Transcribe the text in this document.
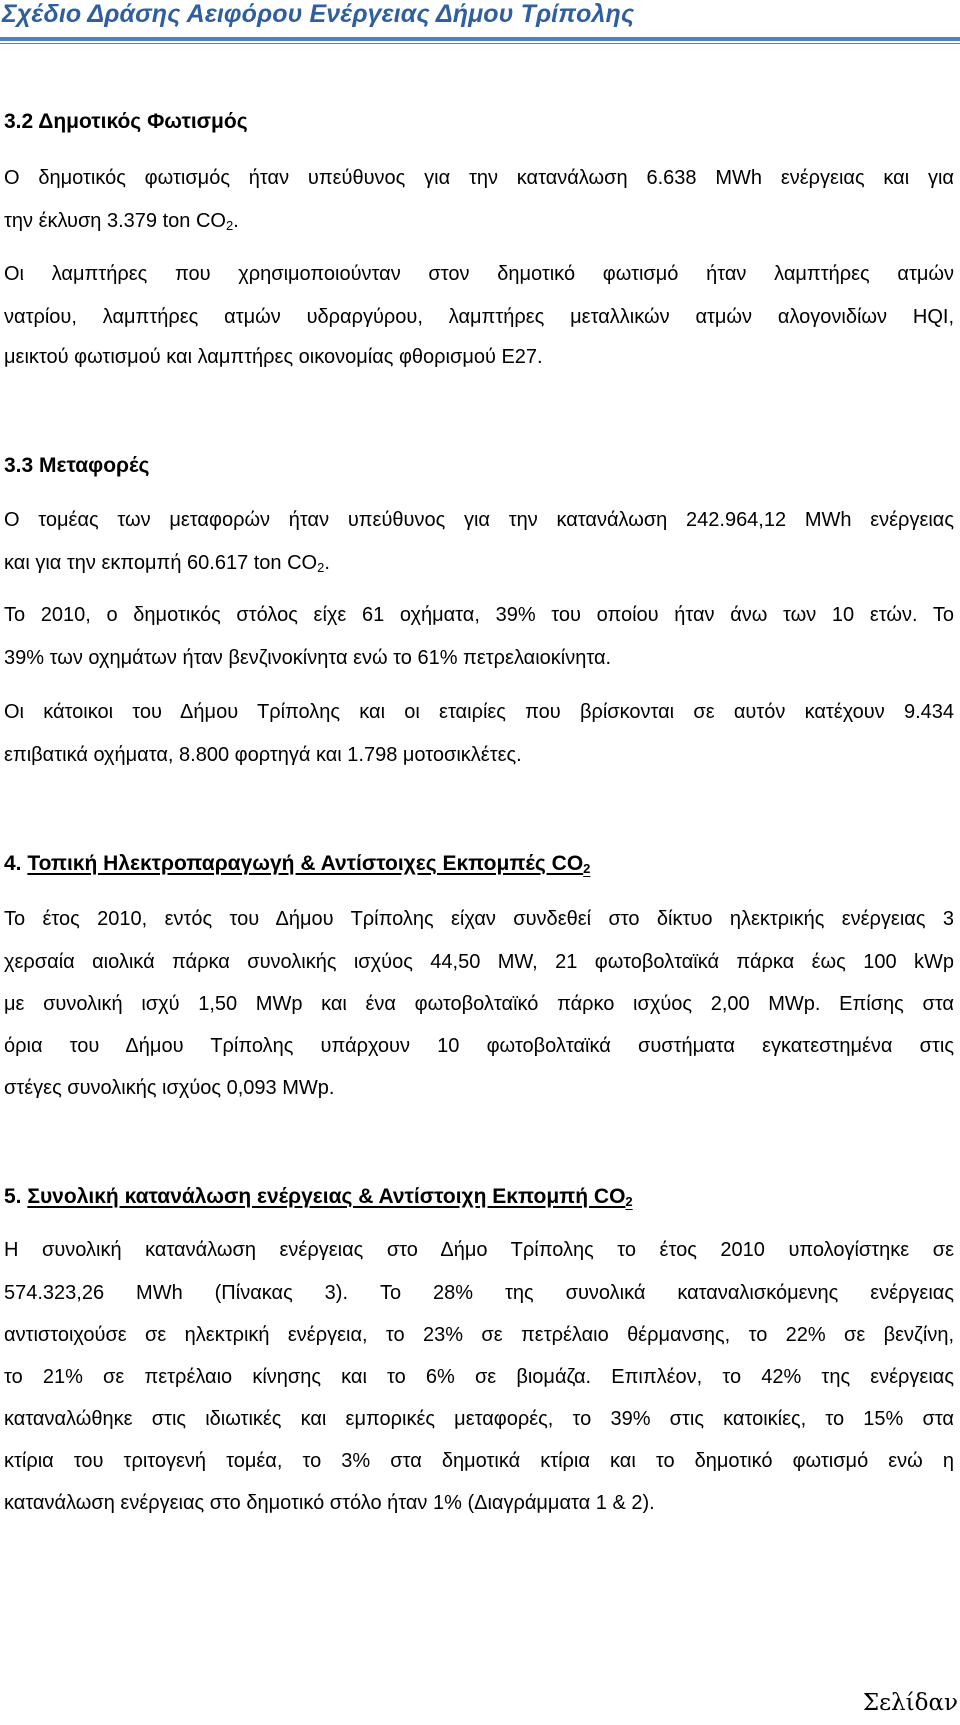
Σχέδιο Δράσης Αειφόρου Ενέργειας Δήμου Τρίπολης
3.2 Δημοτικός Φωτισμός
Ο δημοτικός φωτισμός ήταν υπεύθυνος για την κατανάλωση 6.638 MWh ενέργειας και για
την έκλυση 3.379 ton $CO_2$.
Οι λαμπτήρες που χρησιμοποιούνταν στον δημοτικό φωτισμό ήταν λαμπτήρες ατμών
νατρίου, λαμπτήρες ατμών υδραργύρου, λαμπτήρες μεταλλικών ατμών αλογονιδίων HQI,
μεικτού φωτισμού και λαμπτήρες οικονομίας φθορισμού Ε27.
3.3 Μεταφορές
Ο τομέας των μεταφορών ήταν υπεύθυνος για την κατανάλωση 242.964,12 MWh ενέργειας
και για την εκπομπή 60.617 ton $CO_2$.
Το 2010, ο δημοτικός στόλος είχε 61 οχήματα, 39% του οποίου ήταν άνω των 10 ετών. Το
39% των οχημάτων ήταν βενζινοκίνητα ενώ το 61% πετρελαιοκίνητα.
Οι κάτοικοι του Δήμου Τρίπολης και οι εταιρίες που βρίσκονται σε αυτόν κατέχουν 9.434
επιβατικά οχήματα, 8.800 φορτηγά και 1.798 μοτοσικλέτες.
4. Τοπική Ηλεκτροπαραγωγή & Αντίστοιχες Εκπομπές $CO_2$
Το έτος 2010, εντός του Δήμου Τρίπολης είχαν συνδεθεί στο δίκτυο ηλεκτρικής ενέργειας 3
χερσαία αιολικά πάρκα συνολικής ισχύος 44,50 MW, 21 φωτοβολταϊκά πάρκα έως 100 kWp
με συνολική ισχύ 1,50 MWp και ένα φωτοβολταϊκό πάρκο ισχύος 2,00 MWp. Επίσης στα
όρια του Δήμου Τρίπολης υπάρχουν 10 φωτοβολταϊκά συστήματα εγκατεστημένα στις
στέγες συνολικής ισχύος 0,093 MWp.
5. Συνολική κατανάλωση ενέργειας & Αντίστοιχη Εκπομπή $CO_2$
Η συνολική κατανάλωση ενέργειας στο Δήμο Τρίπολης το έτος 2010 υπολογίστηκε σε
574.323,26 MWh (Πίνακας 3). Το 28% της συνολικά καταναλισκόμενης ενέργειας
αντιστοιχούσε σε ηλεκτρική ενέργεια, το 23% σε πετρέλαιο θέρμανσης, το 22% σε βενζίνη,
το 21% σε πετρέλαιο κίνησης και το 6% σε βιομάζα. Επιπλέον, το 42% της ενέργειας
καταναλώθηκε στις ιδιωτικές και εμπορικές μεταφορές, το 39% στις κατοικίες, το 15% στα
κτίρια του τριτογενή τομέα, το 3% στα δημοτικά κτίρια και το δημοτικό φωτισμό ενώ η
κατανάλωση ενέργειας στο δημοτικό στόλο ήταν 1% (Διαγράμματα 1 & 2).
Σελίδαν
